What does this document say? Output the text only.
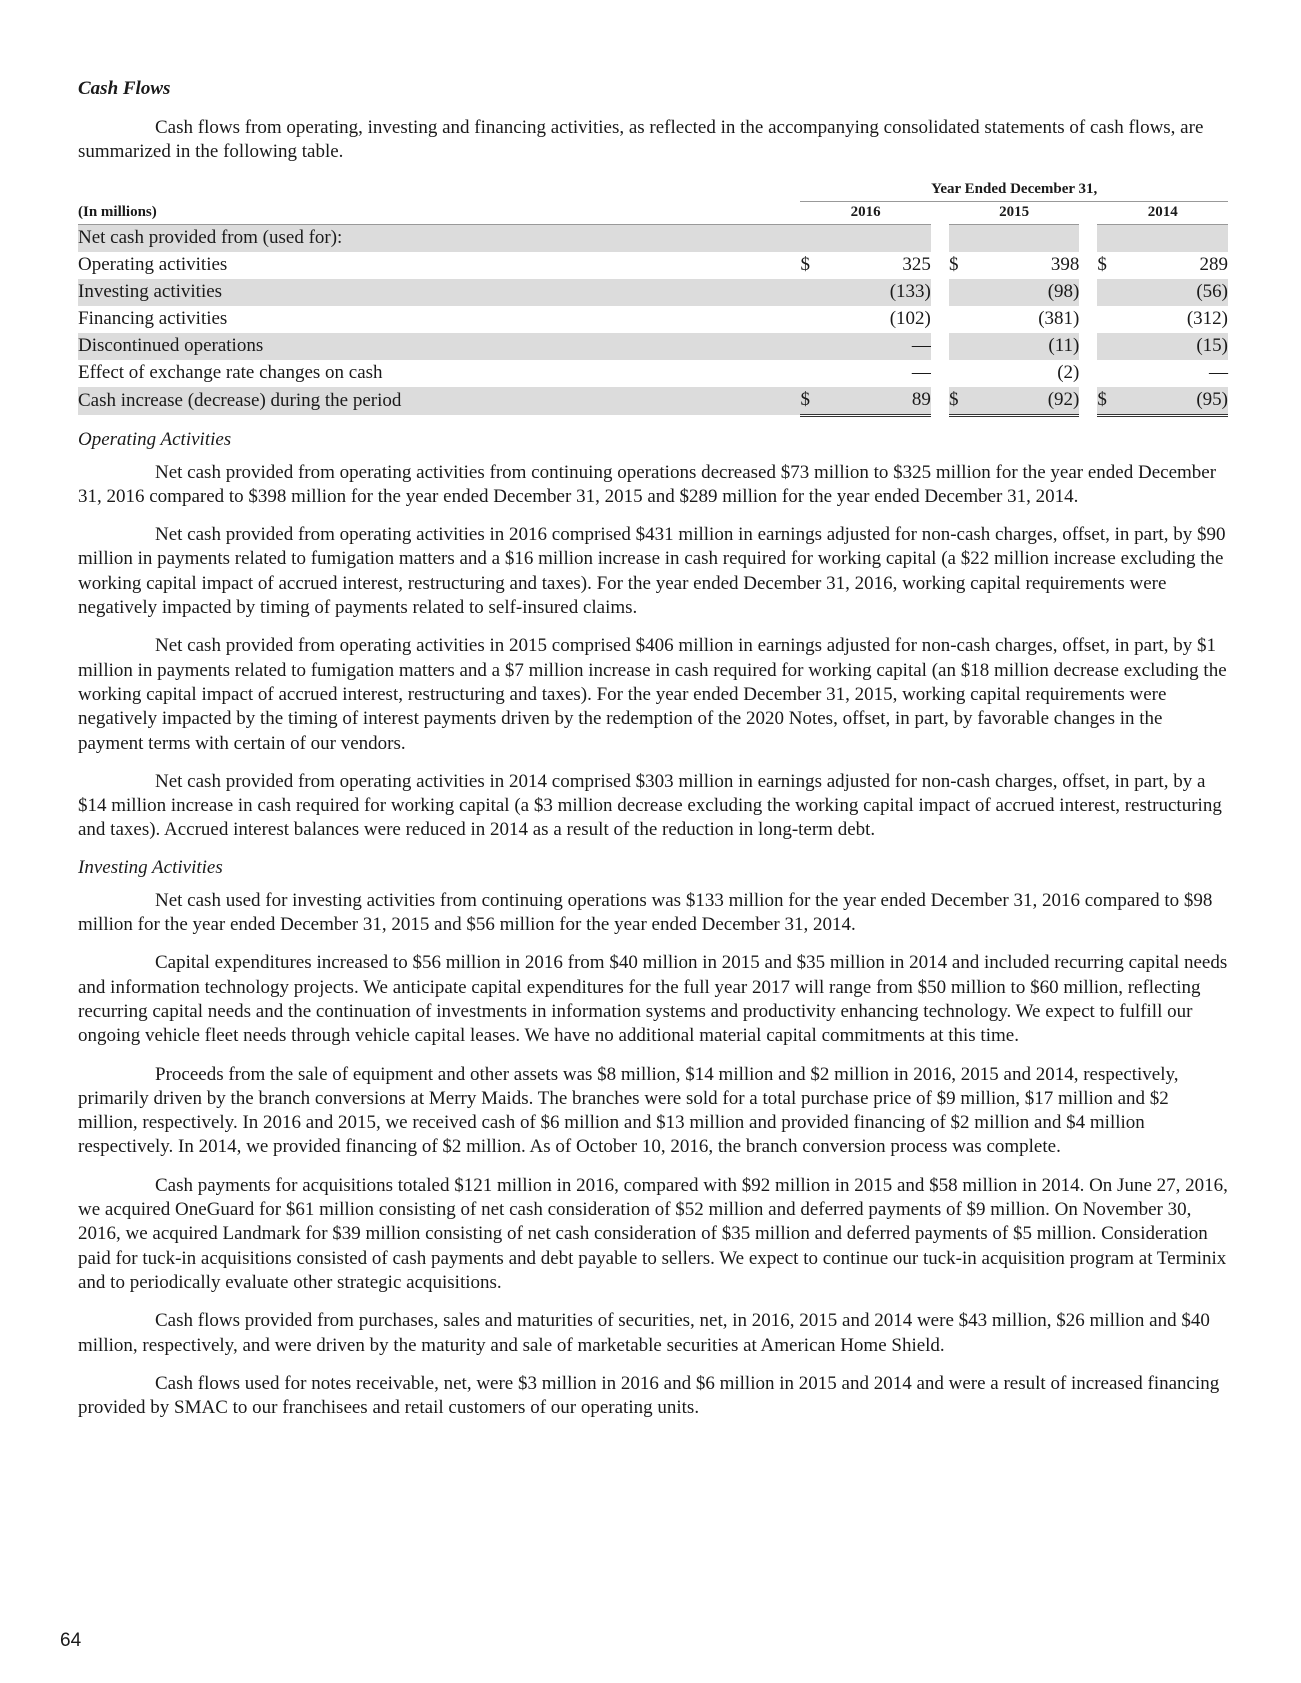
Cash Flows

Cash flows from operating, investing and financing activities, as reflected in the accompanying consolidated statements of cash flows, are summarized in the following table.

	Year Ended December 31,							
(In millions)	2016			2015			2014	
Net cash provided from (used for):								
Operating activities	$	325		$	398		$	289
Investing activities		(133)			(98)			(56)
Financing activities		(102)			(381)			(312)
Discontinued operations		—			(11)			(15)
Effect of exchange rate changes on cash		—			(2)			—
Cash increase (decrease) during the period	$	89		$	(92)		$	(95)
Operating Activities

Net cash provided from operating activities from continuing operations decreased $73 million to $325 million for the year ended December 31, 2016 compared to $398 million for the year ended December 31, 2015 and $289 million for the year ended December 31, 2014.

Net cash provided from operating activities in 2016 comprised $431 million in earnings adjusted for non-cash charges, offset, in part, by $90 million in payments related to fumigation matters and a $16 million increase in cash required for working capital (a $22 million increase excluding the working capital impact of accrued interest, restructuring and taxes). For the year ended December 31, 2016, working capital requirements were negatively impacted by timing of payments related to self-insured claims.

Net cash provided from operating activities in 2015 comprised $406 million in earnings adjusted for non-cash charges, offset, in part, by $1 million in payments related to fumigation matters and a $7 million increase in cash required for working capital (an $18 million decrease excluding the working capital impact of accrued interest, restructuring and taxes). For the year ended December 31, 2015, working capital requirements were negatively impacted by the timing of interest payments driven by the redemption of the 2020 Notes, offset, in part, by favorable changes in the payment terms with certain of our vendors.

Net cash provided from operating activities in 2014 comprised $303 million in earnings adjusted for non-cash charges, offset, in part, by a $14 million increase in cash required for working capital (a $3 million decrease excluding the working capital impact of accrued interest, restructuring and taxes). Accrued interest balances were reduced in 2014 as a result of the reduction in long-term debt.

Investing Activities

Net cash used for investing activities from continuing operations was $133 million for the year ended December 31, 2016 compared to $98 million for the year ended December 31, 2015 and $56 million for the year ended December 31, 2014.

Capital expenditures increased to $56 million in 2016 from $40 million in 2015 and $35 million in 2014 and included recurring capital needs and information technology projects. We anticipate capital expenditures for the full year 2017 will range from $50 million to $60 million, reflecting recurring capital needs and the continuation of investments in information systems and productivity enhancing technology. We expect to fulfill our ongoing vehicle fleet needs through vehicle capital leases. We have no additional material capital commitments at this time.

Proceeds from the sale of equipment and other assets was $8 million, $14 million and $2 million in 2016, 2015 and 2014, respectively, primarily driven by the branch conversions at Merry Maids. The branches were sold for a total purchase price of $9 million, $17 million and $2 million, respectively. In 2016 and 2015, we received cash of $6 million and $13 million and provided financing of $2 million and $4 million respectively. In 2014, we provided financing of $2 million. As of October 10, 2016, the branch conversion process was complete.

Cash payments for acquisitions totaled $121 million in 2016, compared with $92 million in 2015 and $58 million in 2014. On June 27, 2016, we acquired OneGuard for $61 million consisting of net cash consideration of $52 million and deferred payments of $9 million. On November 30, 2016, we acquired Landmark for $39 million consisting of net cash consideration of $35 million and deferred payments of $5 million. Consideration paid for tuck-in acquisitions consisted of cash payments and debt payable to sellers. We expect to continue our tuck-in acquisition program at Terminix and to periodically evaluate other strategic acquisitions.

Cash flows provided from purchases, sales and maturities of securities, net, in 2016, 2015 and 2014 were $43 million, $26 million and $40 million, respectively, and were driven by the maturity and sale of marketable securities at American Home Shield.

Cash flows used for notes receivable, net, were $3 million in 2016 and $6 million in 2015 and 2014 and were a result of increased financing provided by SMAC to our franchisees and retail customers of our operating units.

64
